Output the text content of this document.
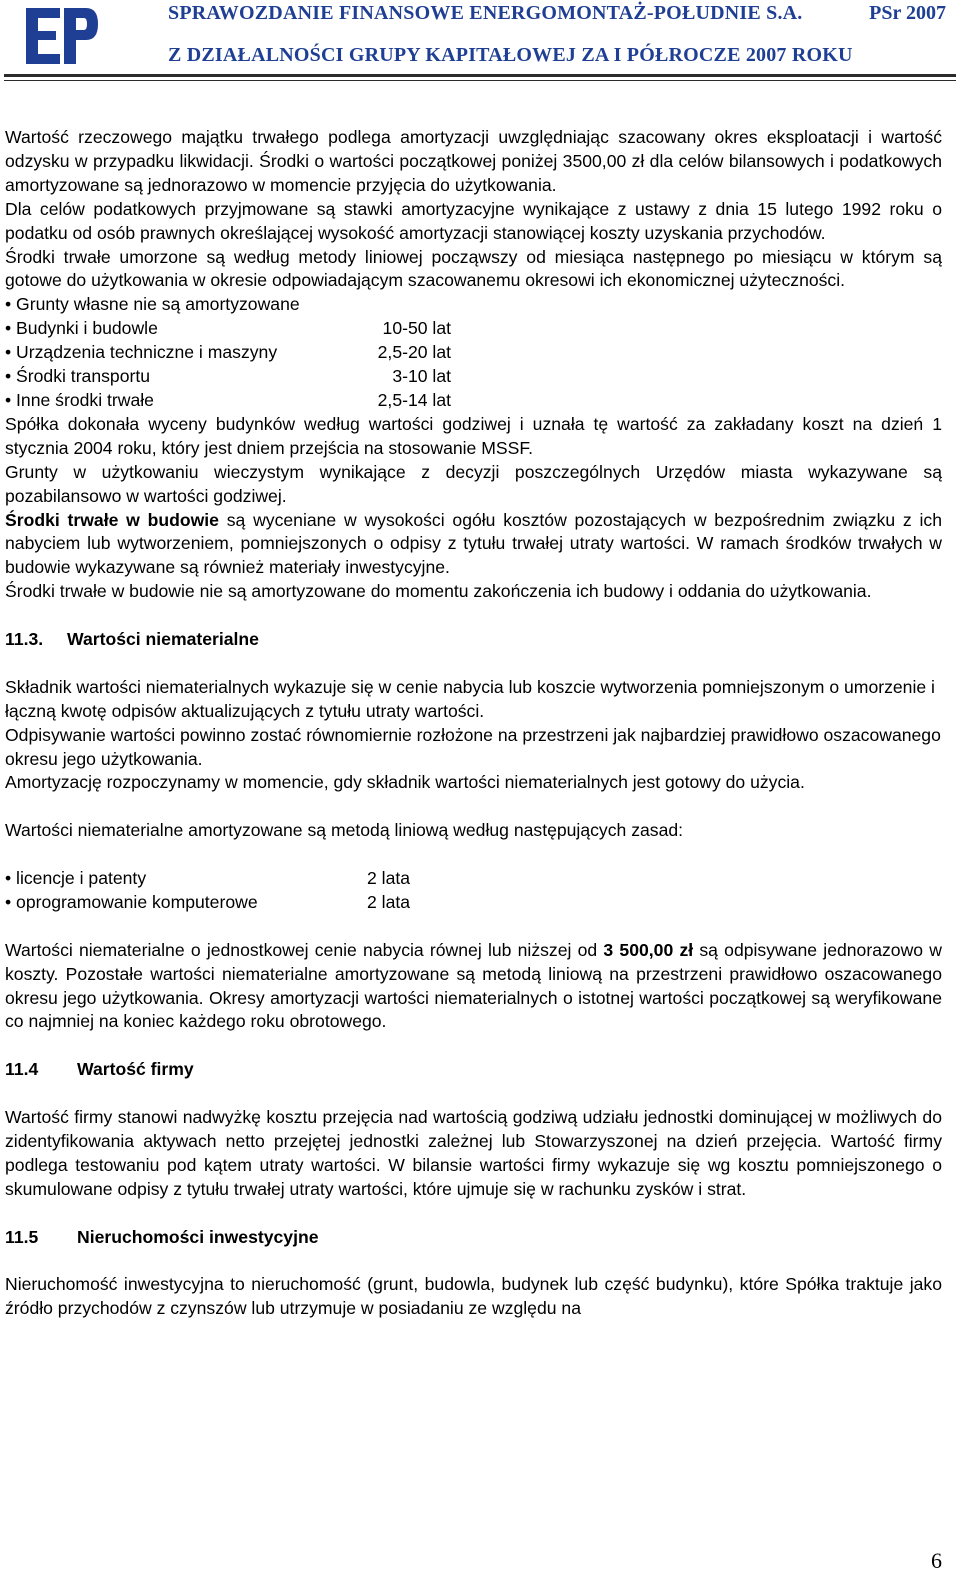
SPRAWOZDANIE FINANSOWE ENERGOMONTAŻ-POŁUDNIE S.A.
Z DZIAŁALNOŚCI GRUPY KAPITAŁOWEJ ZA I PÓŁROCZE 2007 ROKU
PSr 2007

Wartość rzeczowego majątku trwałego podlega amortyzacji uwzględniając szacowany okres eksploatacji i wartość odzysku w przypadku likwidacji. Środki o wartości początkowej poniżej 3500,00 zł dla celów bilansowych i podatkowych amortyzowane są jednorazowo w momencie przyjęcia do użytkowania.

Dla celów podatkowych przyjmowane są stawki amortyzacyjne wynikające z ustawy z dnia 15 lutego 1992 roku o podatku od osób prawnych określającej wysokość amortyzacji stanowiącej koszty uzyskania przychodów.

Środki trwałe umorzone są według metody liniowej począwszy od miesiąca następnego po miesiącu w którym są gotowe do użytkowania w okresie odpowiadającym szacowanemu okresowi ich ekonomicznej użyteczności.

• Grunty własne nie są amortyzowane
• Budynki i budowle	10-50 lat
• Urządzenia techniczne i maszyny	2,5-20 lat
• Środki transportu	3-10 lat
• Inne środki trwałe	2,5-14 lat

Spółka dokonała wyceny budynków według wartości godziwej i uznała tę wartość za zakładany koszt na dzień 1 stycznia 2004 roku, który jest dniem przejścia na stosowanie MSSF.

Grunty w użytkowaniu wieczystym wynikające z decyzji poszczególnych Urzędów miasta wykazywane są pozabilansowo w wartości godziwej.

Środki trwałe w budowie są wyceniane w wysokości ogółu kosztów pozostających w bezpośrednim związku z ich nabyciem lub wytworzeniem, pomniejszonych o odpisy z tytułu trwałej utraty wartości. W ramach środków trwałych w budowie wykazywane są również materiały inwestycyjne.

Środki trwałe w budowie nie są amortyzowane do momentu zakończenia ich budowy i oddania do użytkowania.

11.3. Wartości niematerialne

Składnik wartości niematerialnych wykazuje się w cenie nabycia lub koszcie wytworzenia pomniejszonym o umorzenie i łączną kwotę odpisów aktualizujących z tytułu utraty wartości.

Odpisywanie wartości powinno zostać równomiernie rozłożone na przestrzeni jak najbardziej prawidłowo oszacowanego okresu jego użytkowania.

Amortyzację rozpoczynamy w momencie, gdy składnik wartości niematerialnych jest gotowy do użycia.

Wartości niematerialne amortyzowane są metodą liniową według następujących zasad:

• licencje i patenty	2 lata
• oprogramowanie komputerowe	2 lata

Wartości niematerialne o jednostkowej cenie nabycia równej lub niższej od 3 500,00 zł są odpisywane jednorazowo w koszty. Pozostałe wartości niematerialne amortyzowane są metodą liniową na przestrzeni prawidłowo oszacowanego okresu jego użytkowania. Okresy amortyzacji wartości niematerialnych o istotnej wartości początkowej są weryfikowane co najmniej na koniec każdego roku obrotowego.

11.4 Wartość firmy

Wartość firmy stanowi nadwyżkę kosztu przejęcia nad wartością godziwą udziału jednostki dominującej w możliwych do zidentyfikowania aktywach netto przejętej jednostki zależnej lub Stowarzyszonej na dzień przejęcia. Wartość firmy podlega testowaniu pod kątem utraty wartości. W bilansie wartości firmy wykazuje się wg kosztu pomniejszonego o skumulowane odpisy z tytułu trwałej utraty wartości, które ujmuje się w rachunku zysków i strat.

11.5 Nieruchomości inwestycyjne

Nieruchomość inwestycyjna to nieruchomość (grunt, budowla, budynek lub część budynku), które Spółka traktuje jako źródło przychodów z czynszów lub utrzymuje w posiadaniu ze względu na

6
